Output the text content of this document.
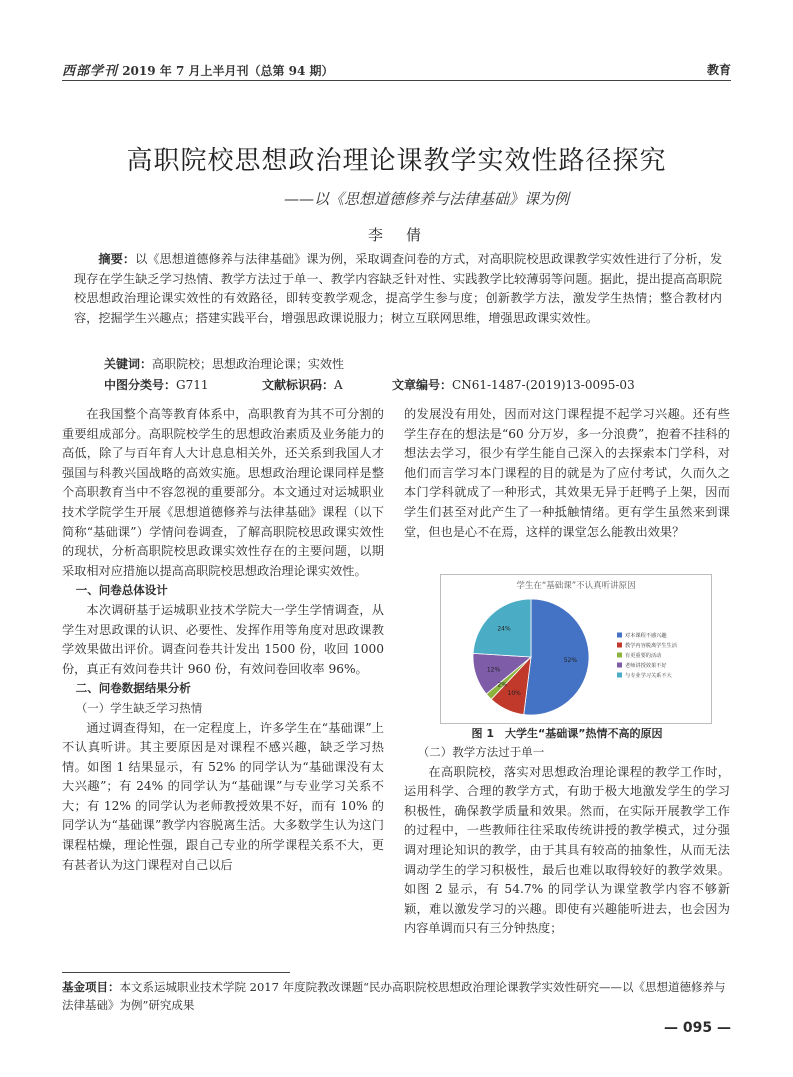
西部学刊 2019 年 7 月上半月刊（总第 94 期）	教育
高职院校思想政治理论课教学实效性路径探究
——以《思想道德修养与法律基础》课为例
李　倩
摘要：以《思想道德修养与法律基础》课为例，采取调查问卷的方式，对高职院校思政课教学实效性进行了分析，发现存在学生缺乏学习热情、教学方法过于单一、教学内容缺乏针对性、实践教学比较薄弱等问题。据此，提出提高高职院校思想政治理论课实效性的有效路径，即转变教学观念，提高学生参与度；创新教学方法，激发学生热情；整合教材内容，挖掘学生兴趣点；搭建实践平台，增强思政课说服力；树立互联网思维，增强思政课实效性。
关键词：高职院校；思想政治理论课；实效性
中图分类号：G711	文献标识码：A	文章编号：CN61-1487-(2019)13-0095-03

在我国整个高等教育体系中，高职教育为其不可分割的重要组成部分。高职院校学生的思想政治素质及业务能力的高低，除了与百年育人大计息息相关外，还关系到我国人才强国与科教兴国战略的高效实施。思想政治理论课同样是整个高职教育当中不容忽视的重要部分。本文通过对运城职业技术学院学生开展《思想道德修养与法律基础》课程（以下简称“基础课”）学情问卷调查，了解高职院校思政课实效性的现状，分析高职院校思政课实效性存在的主要问题，以期采取相对应措施以提高高职院校思想政治理论课实效性。

一、问卷总体设计

本次调研基于运城职业技术学院大一学生学情调查，从学生对思政课的认识、必要性、发挥作用等角度对思政课教学效果做出评价。调查问卷共计发出 1500 份，收回 1000 份，真正有效问卷共计 960 份，有效问卷回收率 96%。

二、问卷数据结果分析

（一）学生缺乏学习热情

通过调查得知，在一定程度上，许多学生在“基础课”上不认真听讲。其主要原因是对课程不感兴趣，缺乏学习热情。如图 1 结果显示，有 52% 的同学认为“基础课没有太大兴趣”；有 24% 的同学认为“基础课”与专业学习关系不大；有 12% 的同学认为老师教授效果不好，而有 10% 的同学认为“基础课”教学内容脱离生活。大多数学生认为这门课程枯燥，理论性强，跟自己专业的所学课程关系不大，更有甚者认为这门课程对自己以后

的发展没有用处，因而对这门课程提不起学习兴趣。还有些学生存在的想法是“60 分万岁，多一分浪费”，抱着不挂科的想法去学习，很少有学生能自己深入的去探索本门学科，对他们而言学习本门课程的目的就是为了应付考试，久而久之本门学科就成了一种形式，其效果无异于赶鸭子上架，因而学生们甚至对此产生了一种抵触情绪。更有学生虽然来到课堂，但也是心不在焉，这样的课堂怎么能教出效果？

学生在“基础课”不认真听讲原因
52%
10%
2%
12%
24%
对本课程不感兴趣
教学内容脱离学生生活
有更重要的活动
老师讲授效果不好
与专业学习关系不大
图 1　大学生“基础课”热情不高的原因

（二）教学方法过于单一

在高职院校，落实对思想政治理论课程的教学工作时，运用科学、合理的教学方式，有助于极大地激发学生的学习积极性，确保教学质量和效果。然而，在实际开展教学工作的过程中，一些教师往往采取传统讲授的教学模式，过分强调对理论知识的教学，由于其具有较高的抽象性，从而无法调动学生的学习积极性，最后也难以取得较好的教学效果。如图 2 显示，有 54.7% 的同学认为课堂教学内容不够新颖，难以激发学习的兴趣。即使有兴趣能听进去，也会因为内容单调而只有三分钟热度；

基金项目：本文系运城职业技术学院 2017 年度院教改课题“民办高职院校思想政治理论课教学实效性研究——以《思想道德修养与法律基础》为例”研究成果
— 095 —
